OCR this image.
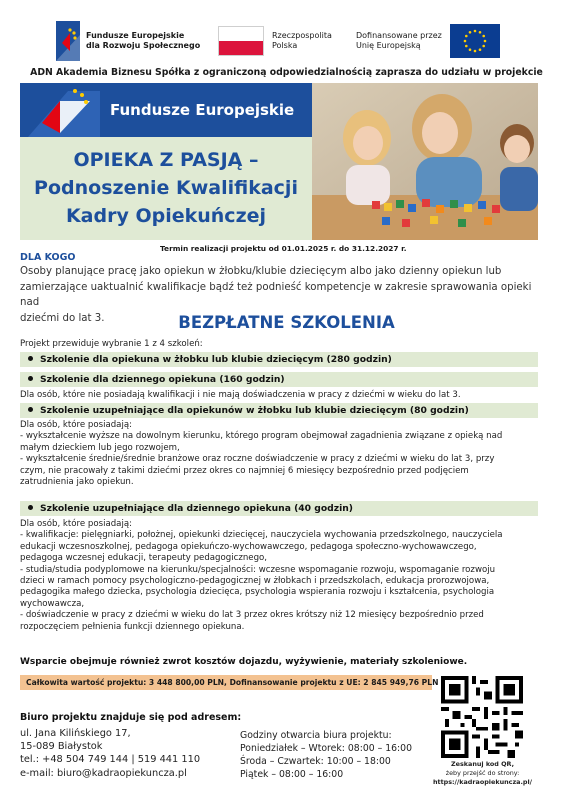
Fundusze Europejskie
dla Rozwoju Społecznego
Rzeczpospolita
Polska
Dofinansowane przez
Unię Europejską
ADN Akademia Biznesu Spółka z ograniczoną odpowiedzialnością zaprasza do udziału w projekcie
Fundusze Europejskie
OPIEKA Z PASJĄ –
Podnoszenie Kwalifikacji
Kadry Opiekuńczej
Termin realizacji projektu od 01.01.2025 r. do 31.12.2027 r.
DLA KOGO
Osoby planujące pracę jako opiekun w żłobku/klubie dziecięcym albo jako dzienny opiekun lub
zamierzające uaktualnić kwalifikacje bądź też podnieść kompetencje w zakresie sprawowania opieki nad
dziećmi do lat 3.	BEZPŁATNE SZKOLENIA
Projekt przewiduje wybranie 1 z 4 szkoleń:
Szkolenie dla opiekuna w żłobku lub klubie dziecięcym (280 godzin)
Szkolenie dla dziennego opiekuna (160 godzin)
Dla osób, które nie posiadają kwalifikacji i nie mają doświadczenia w pracy z dziećmi w wieku do lat 3.
Szkolenie uzupełniające dla opiekunów w żłobku lub klubie dziecięcym (80 godzin)
Dla osób, które posiadają:
- wykształcenie wyższe na dowolnym kierunku, którego program obejmował zagadnienia związane z opieką nad
małym dzieckiem lub jego rozwojem,
- wykształcenie średnie/średnie branżowe oraz roczne doświadczenie w pracy z dziećmi w wieku do lat 3, przy
czym, nie pracowały z takimi dziećmi przez okres co najmniej 6 miesięcy bezpośrednio przed podjęciem
zatrudnienia jako opiekun.
Szkolenie uzupełniające dla dziennego opiekuna (40 godzin)
Dla osób, które posiadają:
- kwalifikacje: pielęgniarki, położnej, opiekunki dziecięcej, nauczyciela wychowania przedszkolnego, nauczyciela
edukacji wczesnoszkolnej, pedagoga opiekuńczo-wychowawczego, pedagoga społeczno-wychowawczego,
pedagoga wczesnej edukacji, terapeuty pedagogicznego,
- studia/studia podyplomowe na kierunku/specjalności: wczesne wspomaganie rozwoju, wspomaganie rozwoju
dzieci w ramach pomocy psychologiczno-pedagogicznej w żłobkach i przedszkolach, edukacja prorozwojowa,
pedagogika małego dziecka, psychologia dziecięca, psychologia wspierania rozwoju i kształcenia, psychologia
wychowawcza,
- doświadczenie w pracy z dziećmi w wieku do lat 3 przez okres krótszy niż 12 miesięcy bezpośrednio przed
rozpoczęciem pełnienia funkcji dziennego opiekuna.
Wsparcie obejmuje również zwrot kosztów dojazdu, wyżywienie, materiały szkoleniowe.
Całkowita wartość projektu: 3 448 800,00 PLN, Dofinansowanie projektu z UE: 2 845 949,76 PLN
Biuro projektu znajduje się pod adresem:
ul. Jana Kilińskiego 17,
15-089 Białystok
tel.: +48 504 749 144 | 519 441 110
e-mail: biuro@kadraopiekuncza.pl
Godziny otwarcia biura projektu:
Poniedziałek – Wtorek: 08:00 – 16:00
Środa – Czwartek: 10:00 – 18:00
Piątek – 08:00 – 16:00
Zeskanuj kod QR,
żeby przejść do strony:
https://kadraopiekuncza.pl/
